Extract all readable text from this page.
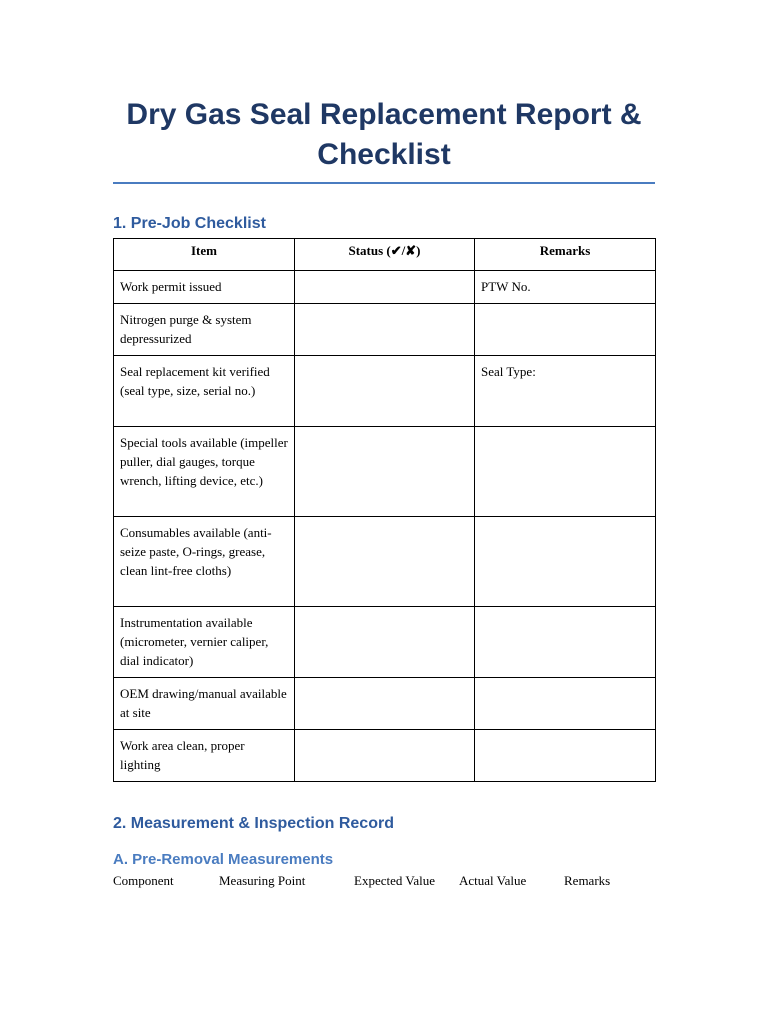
Dry Gas Seal Replacement Report & Checklist
1. Pre-Job Checklist
Item	Status (✔/✘)	Remarks
Work permit issued		PTW No.
Nitrogen purge & system depressurized		
Seal replacement kit verified (seal type, size, serial no.)		Seal Type:
Special tools available (impeller puller, dial gauges, torque wrench, lifting device, etc.)		
Consumables available (anti-seize paste, O-rings, grease, clean lint-free cloths)		
Instrumentation available (micrometer, vernier caliper, dial indicator)		
OEM drawing/manual available at site		
Work area clean, proper lighting		
2. Measurement & Inspection Record
A. Pre-Removal Measurements
Component	Measuring Point	Expected Value	Actual Value	Remarks
